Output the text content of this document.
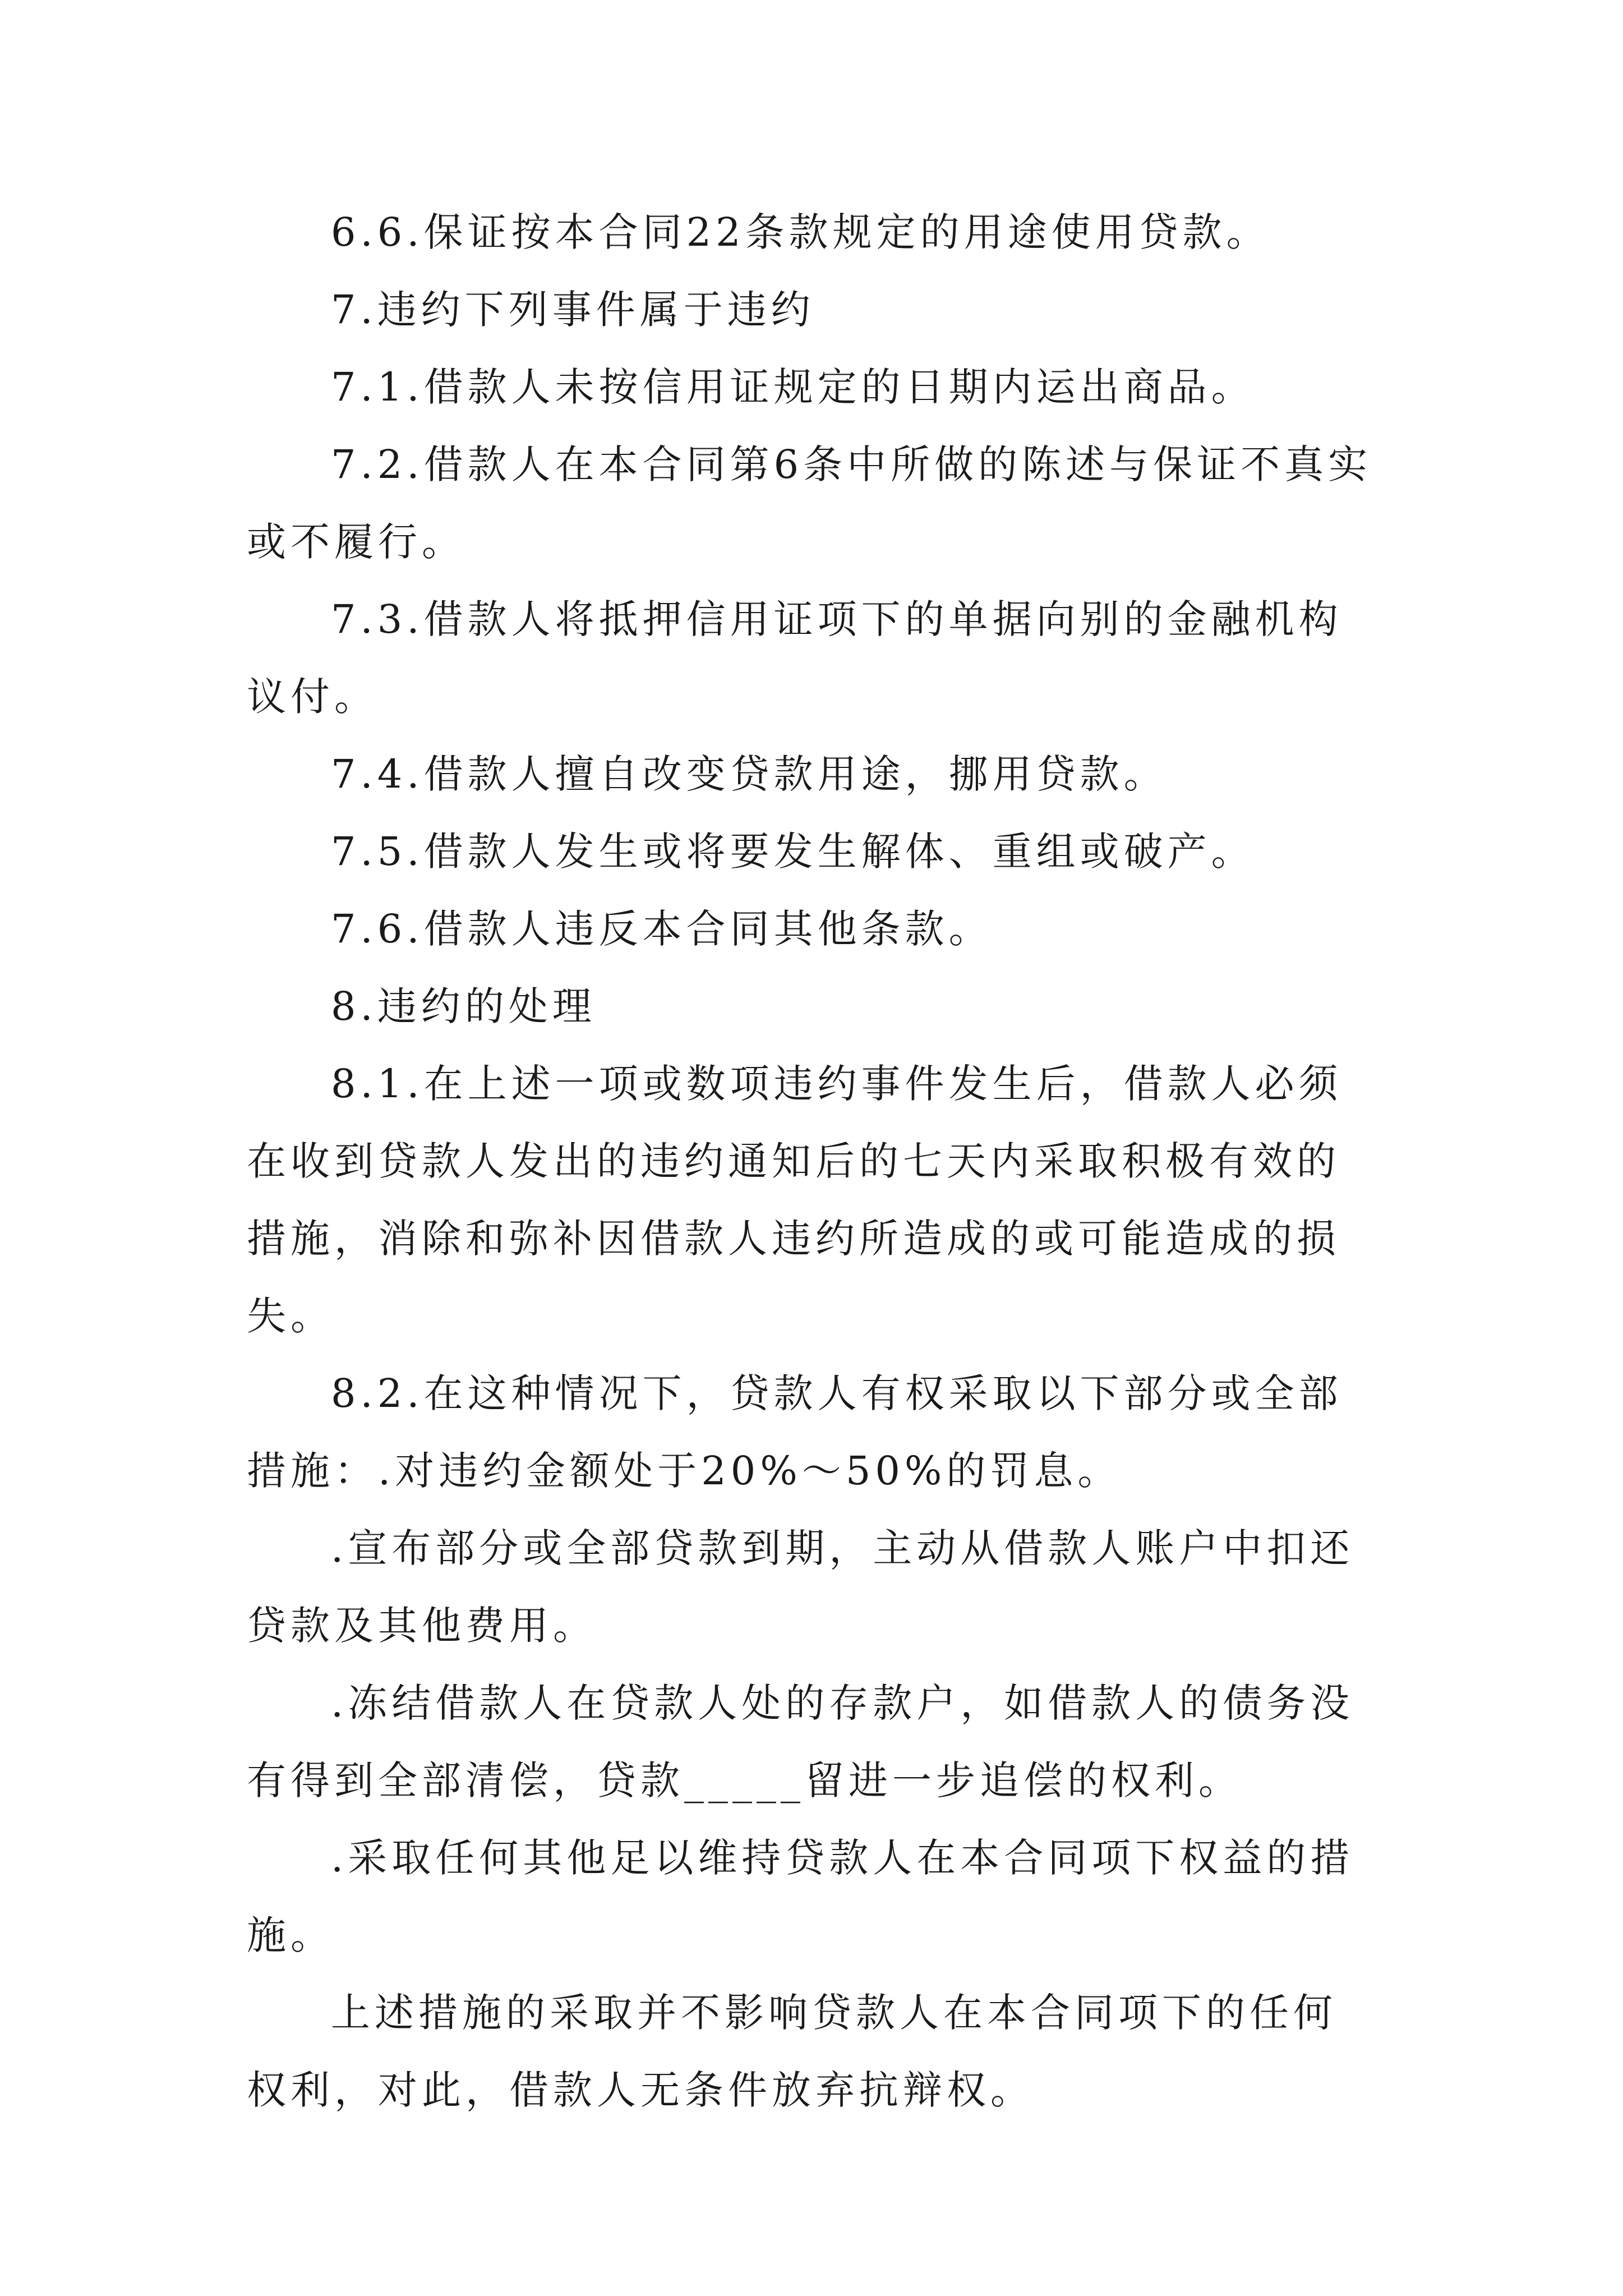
6.6.保证按本合同22条款规定的用途使用贷款。

7.违约下列事件属于违约

7.1.借款人未按信用证规定的日期内运出商品。

7.2.借款人在本合同第6条中所做的陈述与保证不真实或不履行。

7.3.借款人将抵押信用证项下的单据向别的金融机构议付。

7.4.借款人擅自改变贷款用途，挪用贷款。

7.5.借款人发生或将要发生解体、重组或破产。

7.6.借款人违反本合同其他条款。

8.违约的处理

8.1.在上述一项或数项违约事件发生后，借款人必须在收到贷款人发出的违约通知后的七天内采取积极有效的措施，消除和弥补因借款人违约所造成的或可能造成的损失。

8.2.在这种情况下，贷款人有权采取以下部分或全部措施：.对违约金额处于20%～50%的罚息。

.宣布部分或全部贷款到期，主动从借款人账户中扣还贷款及其他费用。

.冻结借款人在贷款人处的存款户，如借款人的债务没有得到全部清偿，贷款_____留进一步追偿的权利。

.采取任何其他足以维持贷款人在本合同项下权益的措施。

上述措施的采取并不影响贷款人在本合同项下的任何权利，对此，借款人无条件放弃抗辩权。
